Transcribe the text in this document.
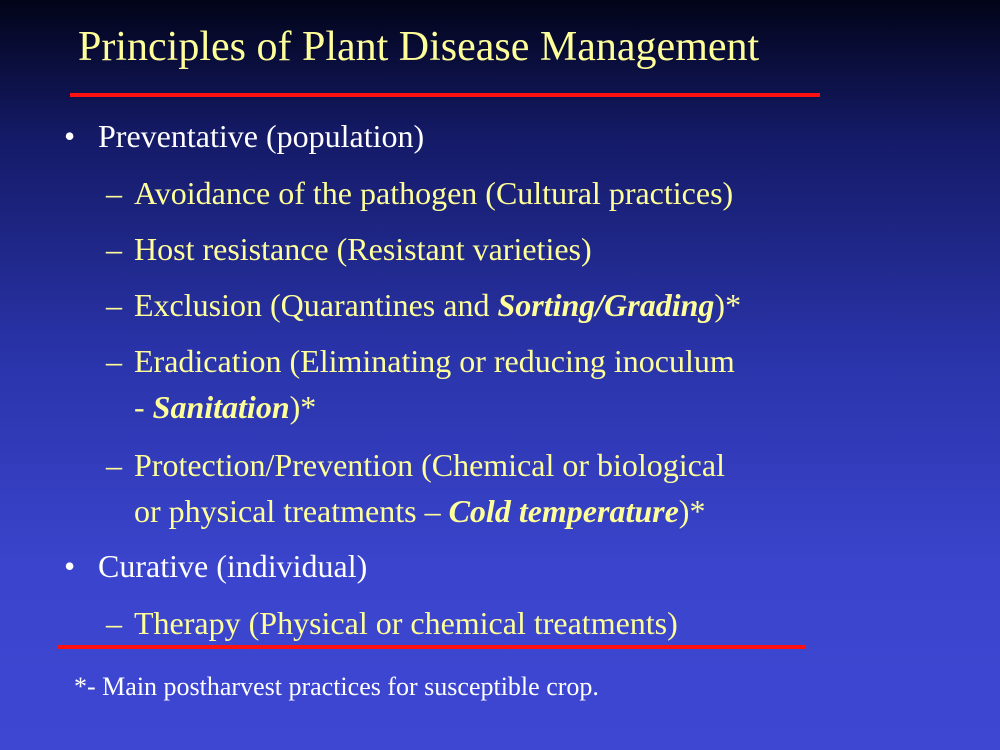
Principles of Plant Disease Management
• Preventative (population)
– Avoidance of the pathogen (Cultural practices)
– Host resistance (Resistant varieties)
– Exclusion (Quarantines and Sorting/Grading)*
– Eradication (Eliminating or reducing inoculum
- Sanitation)*
– Protection/Prevention (Chemical or biological
or physical treatments – Cold temperature)*
• Curative (individual)
– Therapy (Physical or chemical treatments)
*- Main postharvest practices for susceptible crop.
